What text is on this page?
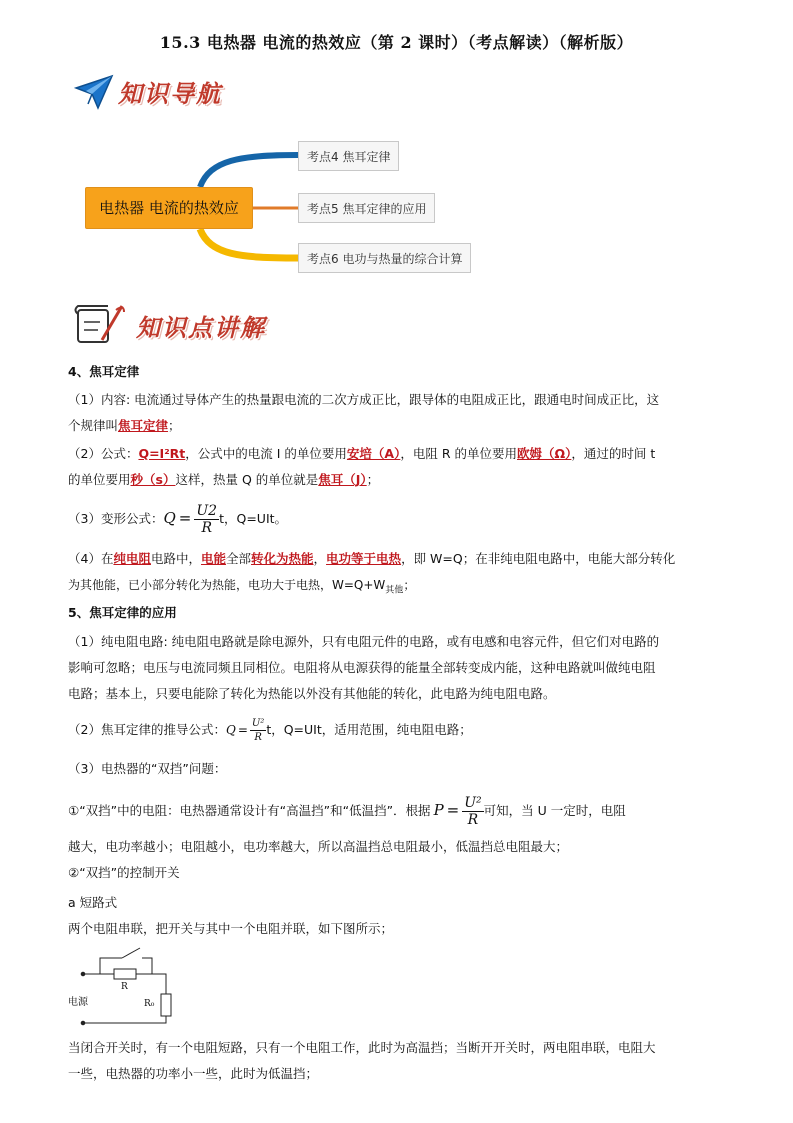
15.3 电热器 电流的热效应（第 2 课时）（考点解读）（解析版）
知识导航
电热器 电流的热效应
考点4 焦耳定律
考点5 焦耳定律的应用
考点6 电功与热量的综合计算
知识点讲解
4、焦耳定律
（1）内容: 电流通过导体产生的热量跟电流的二次方成正比，跟导体的电阻成正比，跟通电时间成正比，这
个规律叫焦耳定律；
（2）公式：Q=I²Rt，公式中的电流 I 的单位要用安培（A），电阻 R 的单位要用欧姆（Ω），通过的时间 t
的单位要用秒（s）这样，热量 Q 的单位就是焦耳（J）；
（3）变形公式：$Q = \frac{U2}{R}$ t，Q=UIt。
（4）在纯电阻电路中，电能全部转化为热能，电功等于电热，即 W=Q；在非纯电阻电路中，电能大部分转化
为其他能，已小部分转化为热能，电功大于电热，$W=Q+W_{其他}$；
5、焦耳定律的应用
（1）纯电阻电路: 纯电阻电路就是除电源外，只有电阻元件的电路，或有电感和电容元件，但它们对电路的
影响可忽略；电压与电流同频且同相位。电阻将从电源获得的能量全部转变成内能，这种电路就叫做纯电阻
电路；基本上，只要电能除了转化为热能以外没有其他能的转化，此电路为纯电阻电路。
（2）焦耳定律的推导公式：$Q = \frac{\text{U²}}{R}$ t，Q=UIt，适用范围，纯电阻电路；
（3）电热器的“双挡”问题：
①“双挡”中的电阻：电热器通常设计有“高温挡”和“低温挡”．根据 $P = \frac{\text{U²}}{R}$ 可知，当 U 一定时，电阻
越大，电功率越小；电阻越小，电功率越大，所以高温挡总电阻最小，低温挡总电阻最大；
②“双挡”的控制开关
a 短路式
两个电阻串联，把开关与其中一个电阻并联，如下图所示；
电源
R
R₀
当闭合开关时，有一个电阻短路，只有一个电阻工作，此时为高温挡；当断开开关时，两电阻串联，电阻大
一些，电热器的功率小一些，此时为低温挡；
